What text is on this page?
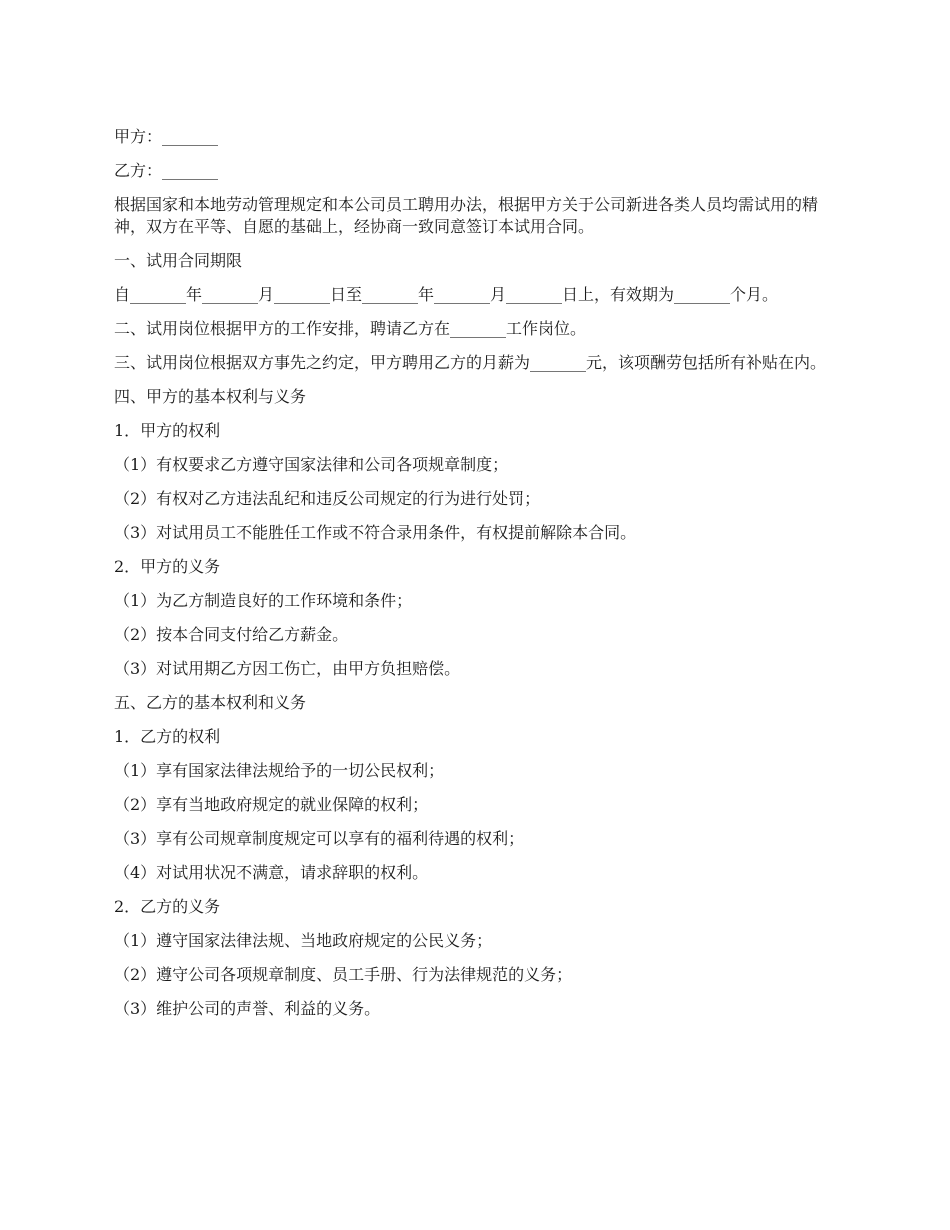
甲方：_______

乙方：_______

根据国家和本地劳动管理规定和本公司员工聘用办法，根据甲方关于公司新进各类人员均需试用的精神，双方在平等、自愿的基础上，经协商一致同意签订本试用合同。

一、试用合同期限

自_______年_______月_______日至_______年_______月_______日上，有效期为_______个月。

二、试用岗位根据甲方的工作安排，聘请乙方在_______工作岗位。

三、试用岗位根据双方事先之约定，甲方聘用乙方的月薪为_______元，该项酬劳包括所有补贴在内。

四、甲方的基本权利与义务

1．甲方的权利

（1）有权要求乙方遵守国家法律和公司各项规章制度；

（2）有权对乙方违法乱纪和违反公司规定的行为进行处罚；

（3）对试用员工不能胜任工作或不符合录用条件，有权提前解除本合同。

2．甲方的义务

（1）为乙方制造良好的工作环境和条件；

（2）按本合同支付给乙方薪金。

（3）对试用期乙方因工伤亡，由甲方负担赔偿。

五、乙方的基本权利和义务

1．乙方的权利

（1）享有国家法律法规给予的一切公民权利；

（2）享有当地政府规定的就业保障的权利；

（3）享有公司规章制度规定可以享有的福利待遇的权利；

（4）对试用状况不满意，请求辞职的权利。

2．乙方的义务

（1）遵守国家法律法规、当地政府规定的公民义务；

（2）遵守公司各项规章制度、员工手册、行为法律规范的义务；

（3）维护公司的声誉、利益的义务。
